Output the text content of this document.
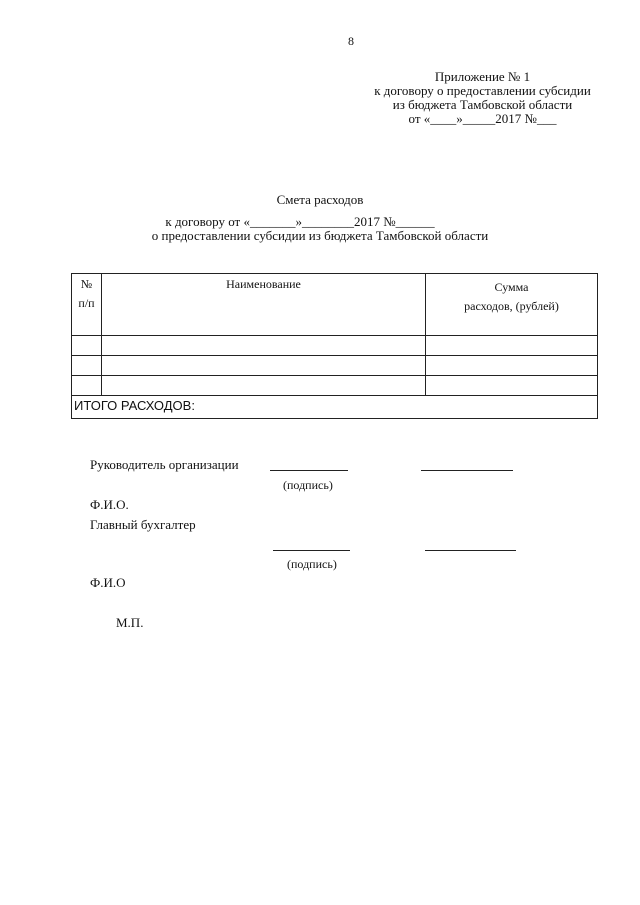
8
Приложение № 1
к договору о предоставлении субсидии
из бюджета Тамбовской области
от «____»_____2017 №___
Смета расходов
к договору от «_______»________2017 №______
о предоставлении субсидии из бюджета Тамбовской области
№
п/п
Наименование	Сумма
расходов, (рублей)
ИТОГО РАСХОДОВ:
Руководитель организации
(подпись)
Ф.И.О.
Главный бухгалтер
(подпись)
Ф.И.О
М.П.
